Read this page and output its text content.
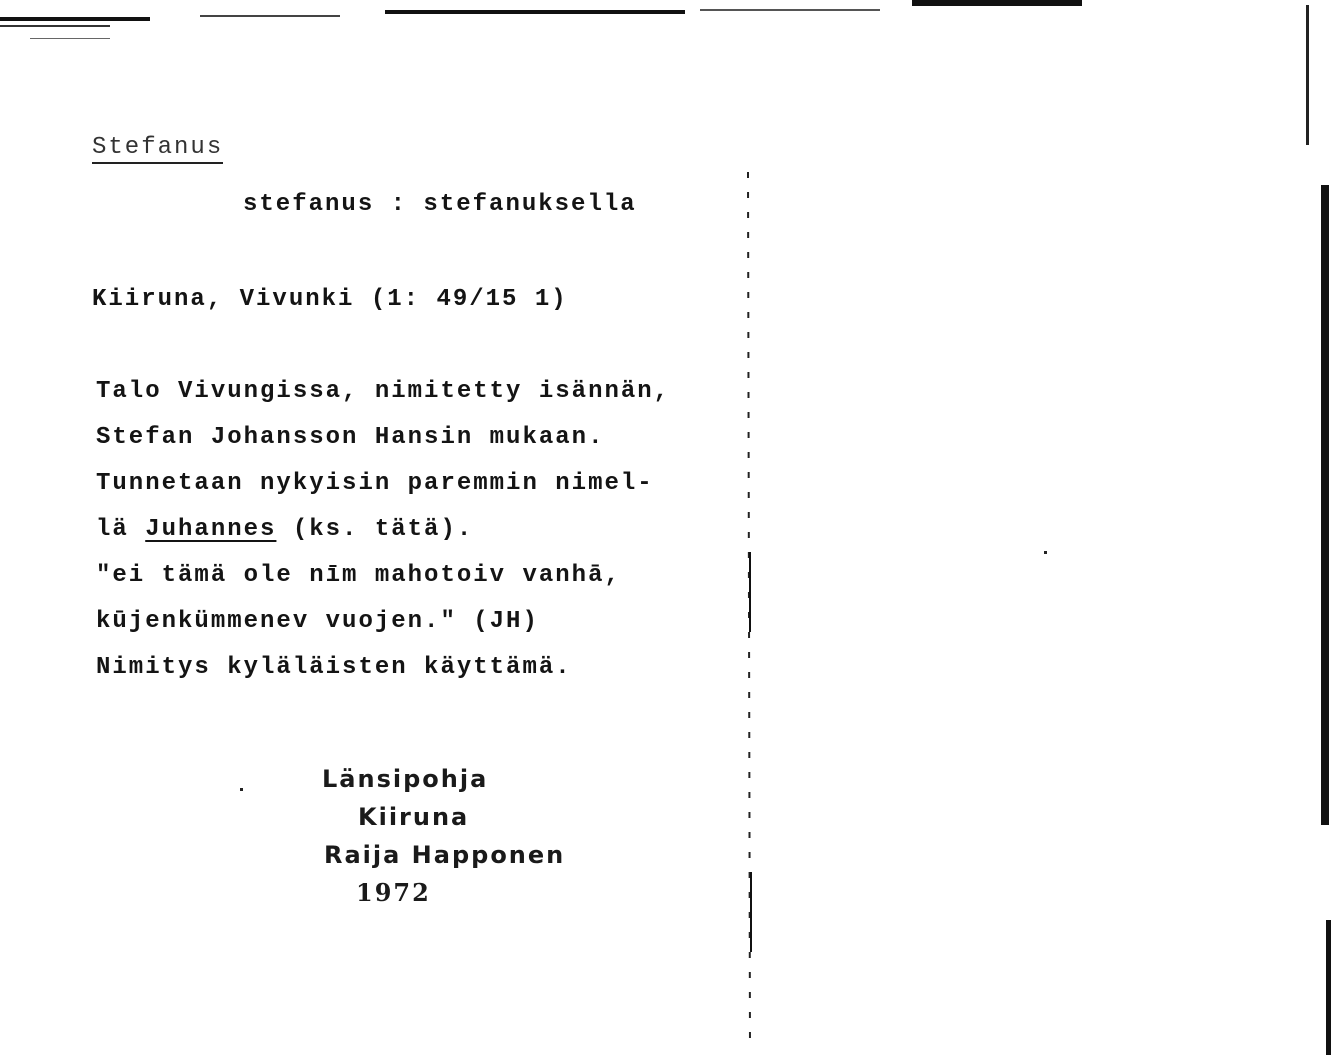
Stefanus
stefanus : stefanuksella
Kiiruna, Vivunki (1: 49/15 1)
Talo Vivungissa, nimitetty isännän,
Stefan Johansson Hansin mukaan.
Tunnetaan nykyisin paremmin nimel-
lä Juhannes (ks. tätä).
"ei tämä ole nīm mahotoiv vanhā,
kūjenkümmenev vuojen." (JH)
Nimitys kyläläisten käyttämä.
Länsipohja
Kiiruna
Raija Happonen
1972
